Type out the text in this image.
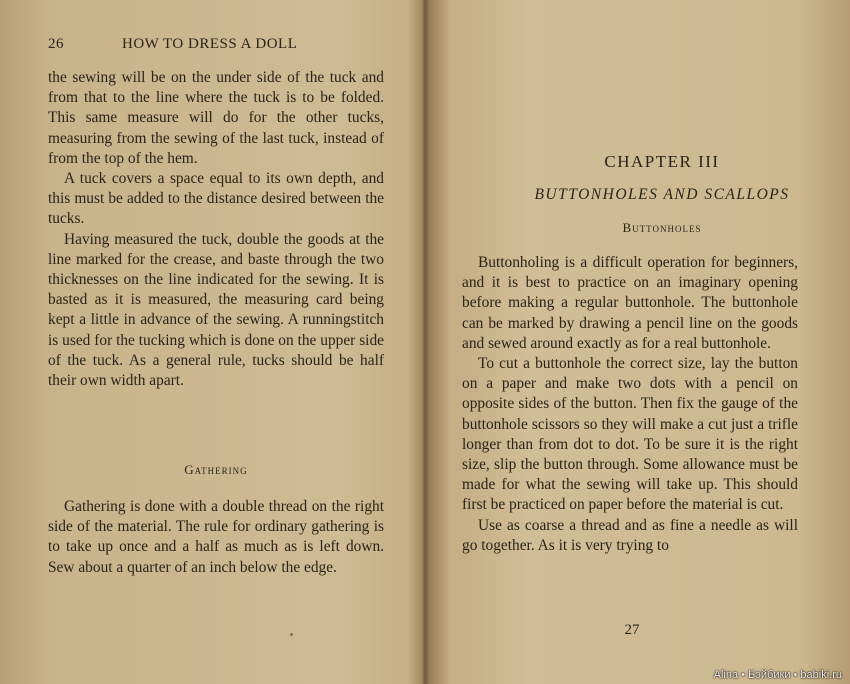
26	HOW TO DRESS A DOLL

the sewing will be on the under side of the tuck and from that to the line where the tuck is to be folded. This same measure will do for the other tucks, measuring from the sewing of the last tuck, instead of from the top of the hem.

A tuck covers a space equal to its own depth, and this must be added to the distance desired between the tucks.

Having measured the tuck, double the goods at the line marked for the crease, and baste through the two thicknesses on the line indicated for the sewing. It is basted as it is measured, the measuring card being kept a little in advance of the sewing. A runningstitch is used for the tucking which is done on the upper side of the tuck. As a general rule, tucks should be half their own width apart.

Gathering

Gathering is done with a double thread on the right side of the material. The rule for ordinary gathering is to take up once and a half as much as is left down. Sew about a quarter of an inch below the edge.

CHAPTER III
BUTTONHOLES AND SCALLOPS
Buttonholes

Buttonholing is a difficult operation for beginners, and it is best to practice on an imaginary opening before making a regular buttonhole. The buttonhole can be marked by drawing a pencil line on the goods and sewed around exactly as for a real buttonhole.

To cut a buttonhole the correct size, lay the button on a paper and make two dots with a pencil on opposite sides of the button. Then fix the gauge of the buttonhole scissors so they will make a cut just a trifle longer than from dot to dot. To be sure it is the right size, slip the button through. Some allowance must be made for what the sewing will take up. This should first be practiced on paper before the material is cut.

Use as coarse a thread and as fine a needle as will go together. As it is very trying to

27
Alina • Бэйбики • babiki.ru
